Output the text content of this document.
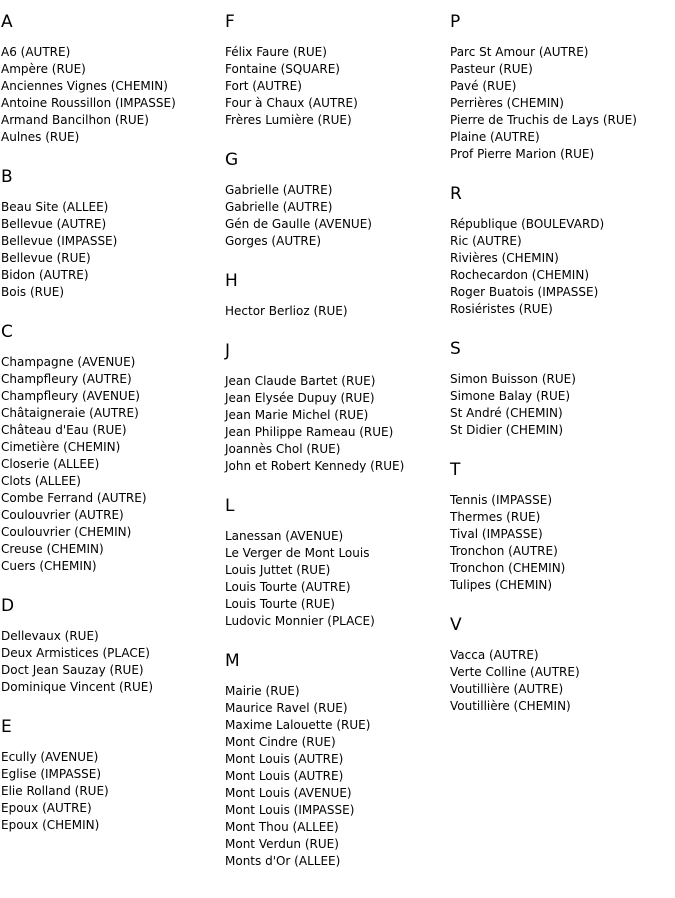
A
A6 (AUTRE)
Ampère (RUE)
Anciennes Vignes (CHEMIN)
Antoine Roussillon (IMPASSE)
Armand Bancilhon (RUE)
Aulnes (RUE)
B
Beau Site (ALLEE)
Bellevue (AUTRE)
Bellevue (IMPASSE)
Bellevue (RUE)
Bidon (AUTRE)
Bois (RUE)
C
Champagne (AVENUE)
Champfleury (AUTRE)
Champfleury (AVENUE)
Châtaigneraie (AUTRE)
Château d'Eau (RUE)
Cimetière (CHEMIN)
Closerie (ALLEE)
Clots (ALLEE)
Combe Ferrand (AUTRE)
Coulouvrier (AUTRE)
Coulouvrier (CHEMIN)
Creuse (CHEMIN)
Cuers (CHEMIN)
D
Dellevaux (RUE)
Deux Armistices (PLACE)
Doct Jean Sauzay (RUE)
Dominique Vincent (RUE)
E
Ecully (AVENUE)
Eglise (IMPASSE)
Elie Rolland (RUE)
Epoux (AUTRE)
Epoux (CHEMIN)
F
Félix Faure (RUE)
Fontaine (SQUARE)
Fort (AUTRE)
Four à Chaux (AUTRE)
Frères Lumière (RUE)
G
Gabrielle (AUTRE)
Gabrielle (AUTRE)
Gén de Gaulle (AVENUE)
Gorges (AUTRE)
H
Hector Berlioz (RUE)
J
Jean Claude Bartet (RUE)
Jean Elysée Dupuy (RUE)
Jean Marie Michel (RUE)
Jean Philippe Rameau (RUE)
Joannès Chol (RUE)
John et Robert Kennedy (RUE)
L
Lanessan (AVENUE)
Le Verger de Mont Louis
Louis Juttet (RUE)
Louis Tourte (AUTRE)
Louis Tourte (RUE)
Ludovic Monnier (PLACE)
M
Mairie (RUE)
Maurice Ravel (RUE)
Maxime Lalouette (RUE)
Mont Cindre (RUE)
Mont Louis (AUTRE)
Mont Louis (AUTRE)
Mont Louis (AVENUE)
Mont Louis (IMPASSE)
Mont Thou (ALLEE)
Mont Verdun (RUE)
Monts d'Or (ALLEE)
P
Parc St Amour (AUTRE)
Pasteur (RUE)
Pavé (RUE)
Perrières (CHEMIN)
Pierre de Truchis de Lays (RUE)
Plaine (AUTRE)
Prof Pierre Marion (RUE)
R
République (BOULEVARD)
Ric (AUTRE)
Rivières (CHEMIN)
Rochecardon (CHEMIN)
Roger Buatois (IMPASSE)
Rosiéristes (RUE)
S
Simon Buisson (RUE)
Simone Balay (RUE)
St André (CHEMIN)
St Didier (CHEMIN)
T
Tennis (IMPASSE)
Thermes (RUE)
Tival (IMPASSE)
Tronchon (AUTRE)
Tronchon (CHEMIN)
Tulipes (CHEMIN)
V
Vacca (AUTRE)
Verte Colline (AUTRE)
Voutillière (AUTRE)
Voutillière (CHEMIN)
